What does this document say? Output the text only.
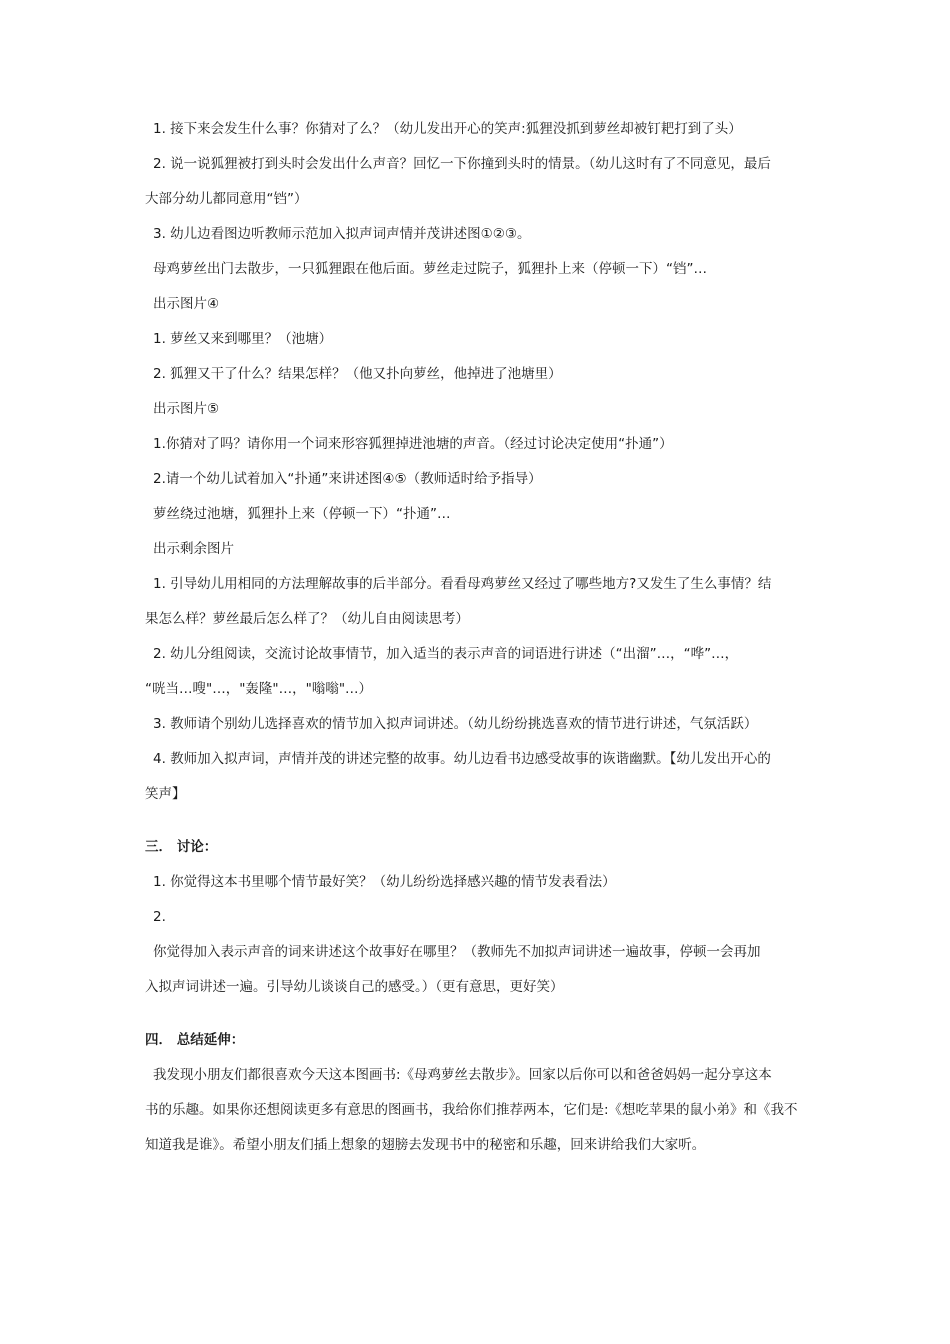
1. 接下来会发生什么事？你猜对了么？（幼儿发出开心的笑声:狐狸没抓到萝丝却被钉耙打到了头）
2. 说一说狐狸被打到头时会发出什么声音？回忆一下你撞到头时的情景。（幼儿这时有了不同意见，最后
大部分幼儿都同意用“铛”）
3. 幼儿边看图边听教师示范加入拟声词声情并茂讲述图①②③。
母鸡萝丝出门去散步，一只狐狸跟在他后面。萝丝走过院子，狐狸扑上来（停顿一下）“铛”…
出示图片④
1. 萝丝又来到哪里？（池塘）
2. 狐狸又干了什么？结果怎样？（他又扑向萝丝，他掉进了池塘里）
出示图片⑤
1.你猜对了吗？请你用一个词来形容狐狸掉进池塘的声音。（经过讨论决定使用“扑通”）
2.请一个幼儿试着加入“扑通”来讲述图④⑤（教师适时给予指导）
萝丝绕过池塘，狐狸扑上来（停顿一下）“扑通”…
出示剩余图片
1. 引导幼儿用相同的方法理解故事的后半部分。看看母鸡萝丝又经过了哪些地方?又发生了生么事情？结
果怎么样？萝丝最后怎么样了？（幼儿自由阅读思考）
2. 幼儿分组阅读，交流讨论故事情节，加入适当的表示声音的词语进行讲述（“出溜”…，“哗”…，
“咣当…嗖"…，"轰隆"…，"嗡嗡"…）
3. 教师请个别幼儿选择喜欢的情节加入拟声词讲述。（幼儿纷纷挑选喜欢的情节进行讲述，气氛活跃）
4. 教师加入拟声词，声情并茂的讲述完整的故事。幼儿边看书边感受故事的诙谐幽默。【幼儿发出开心的
笑声】
三． 讨论：
1. 你觉得这本书里哪个情节最好笑？（幼儿纷纷选择感兴趣的情节发表看法）
2.
你觉得加入表示声音的词来讲述这个故事好在哪里？（教师先不加拟声词讲述一遍故事，停顿一会再加
入拟声词讲述一遍。引导幼儿谈谈自己的感受。）（更有意思，更好笑）
四． 总结延伸：
我发现小朋友们都很喜欢今天这本图画书:《母鸡萝丝去散步》。回家以后你可以和爸爸妈妈一起分享这本
书的乐趣。如果你还想阅读更多有意思的图画书，我给你们推荐两本，它们是:《想吃苹果的鼠小弟》和《我不
知道我是谁》。希望小朋友们插上想象的翅膀去发现书中的秘密和乐趣，回来讲给我们大家听。
